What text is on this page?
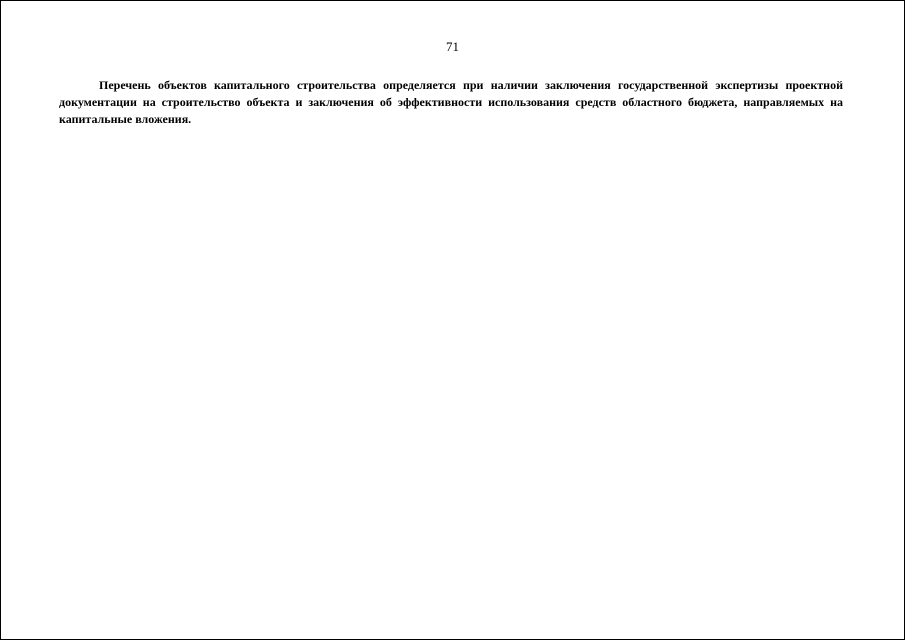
71

Перечень объектов капитального строительства определяется при наличии заключения государственной экспертизы проектной документации на строительство объекта и заключения об эффективности использования средств областного бюджета, направляемых на капитальные вложения.
